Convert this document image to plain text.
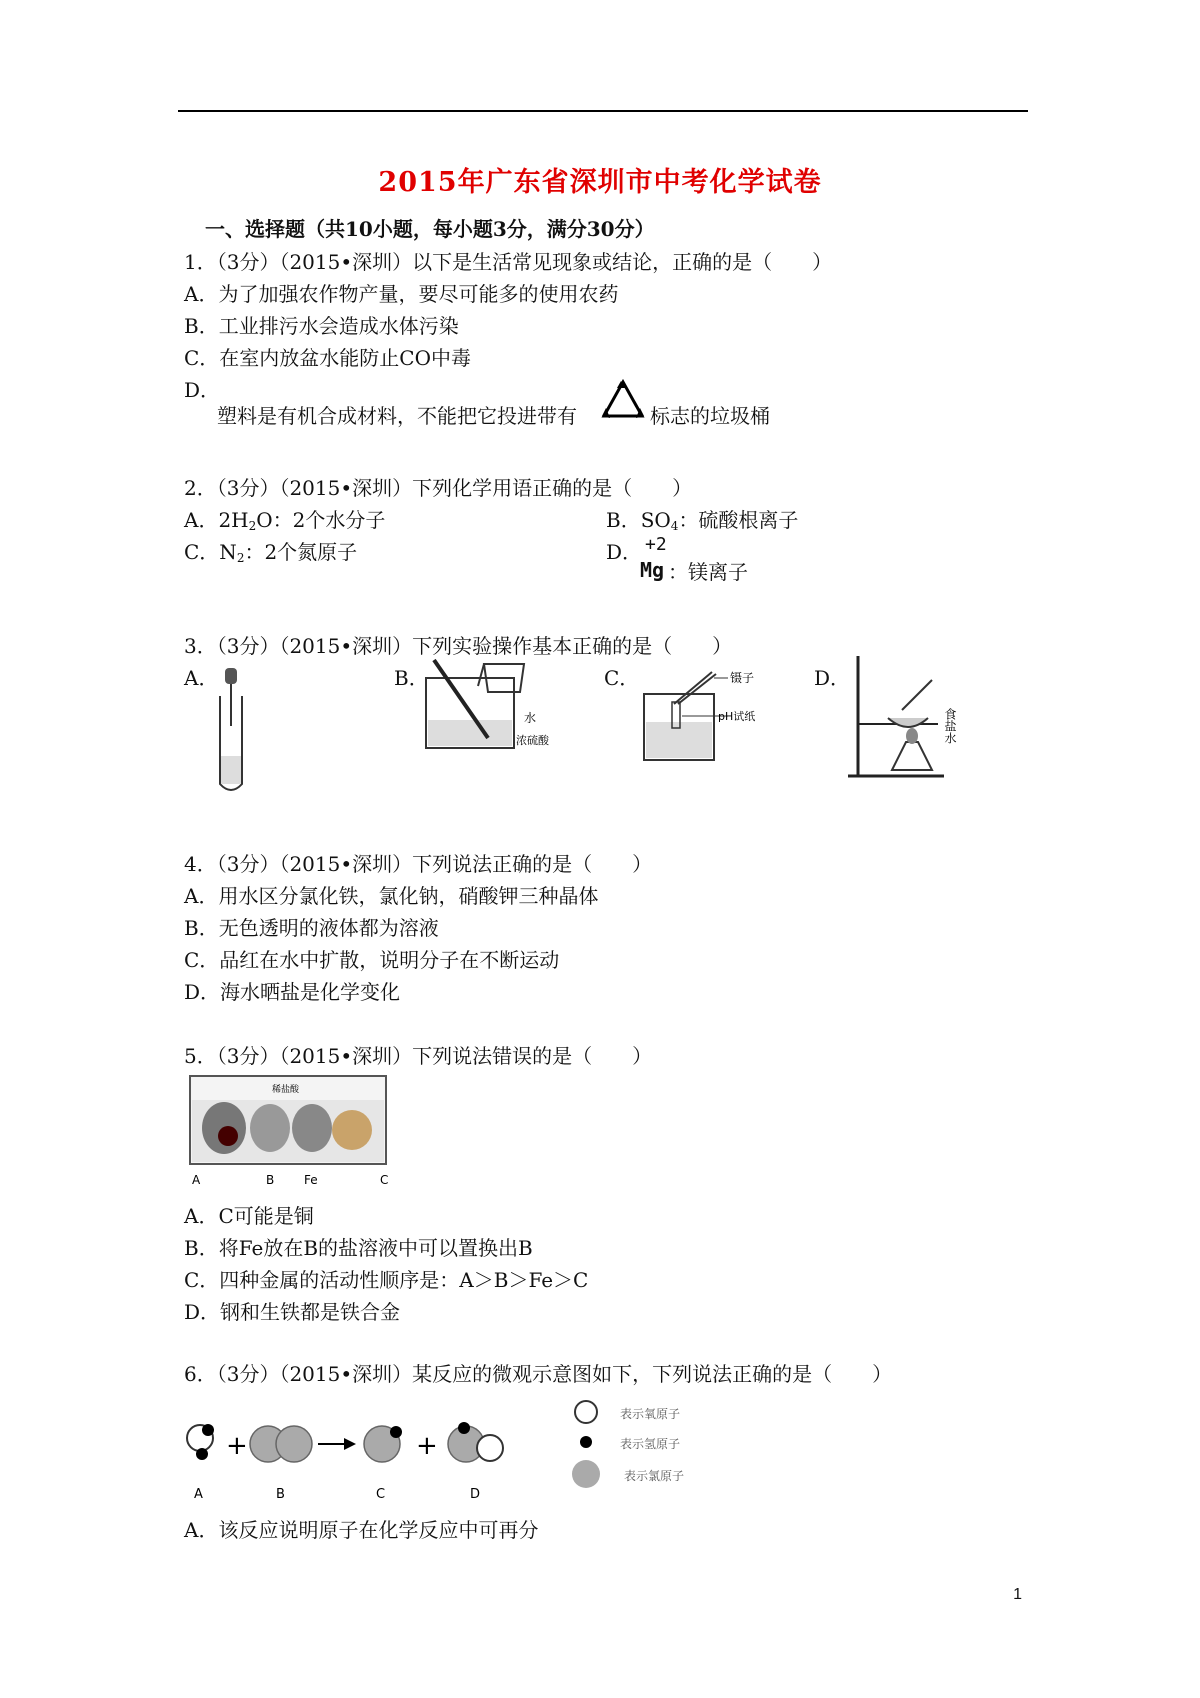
2015年广东省深圳市中考化学试卷
一、选择题（共10小题，每小题3分，满分30分）
1．（3分）（2015•深圳）以下是生活常见现象或结论，正确的是（　　）
A．为了加强农作物产量，要尽可能多的使用农药
B．工业排污水会造成水体污染
C．在室内放盆水能防止CO中毒
D．
塑料是有机合成材料，不能把它投进带有	标志的垃圾桶
2．（3分）（2015•深圳）下列化学用语正确的是（　　）
A．$2H_2O$：2个水分子	B．$SO_4$：硫酸根离子
C．$N_2$：2个氮原子	D． +2
Mg ：镁离子
3．（3分）（2015•深圳）下列实验操作基本正确的是（　　）
A．	B．	C．	D．
水
浓硫酸
镊子
pH试纸	食盐水
4．（3分）（2015•深圳）下列说法正确的是（　　）
A．用水区分氯化铁，氯化钠，硝酸钾三种晶体
B．无色透明的液体都为溶液
C．品红在水中扩散，说明分子在不断运动
D．海水晒盐是化学变化
5．（3分）（2015•深圳）下列说法错误的是（　　）
稀盐酸
A	B Fe	C
A．C可能是铜
B．将Fe放在B的盐溶液中可以置换出B
C．四种金属的活动性顺序是：A＞B＞Fe＞C
D．钢和生铁都是铁合金
6．（3分）（2015•深圳）某反应的微观示意图如下，下列说法正确的是（　　）
+	+
A	B	C	D
表示氧原子
表示氢原子
表示氯原子
A．该反应说明原子在化学反应中可再分
1
